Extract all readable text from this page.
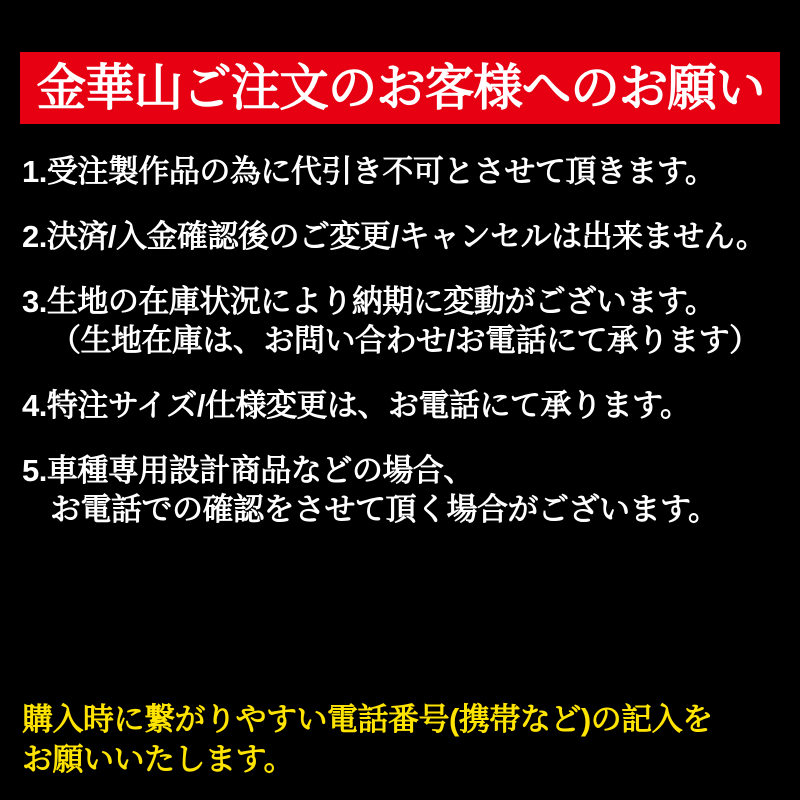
金華山ご注文のお客様へのお願い
1.受注製作品の為に代引き不可とさせて頂きます。
2.決済/入金確認後のご変更/キャンセルは出来ません。
3.生地の在庫状況により納期に変動がございます。
（生地在庫は、お問い合わせ/お電話にて承ります）
4.特注サイズ/仕様変更は、お電話にて承ります。
5.車種専用設計商品などの場合、
お電話での確認をさせて頂く場合がございます。
購入時に繋がりやすい電話番号(携帯など)の記入を
お願いいたします。
